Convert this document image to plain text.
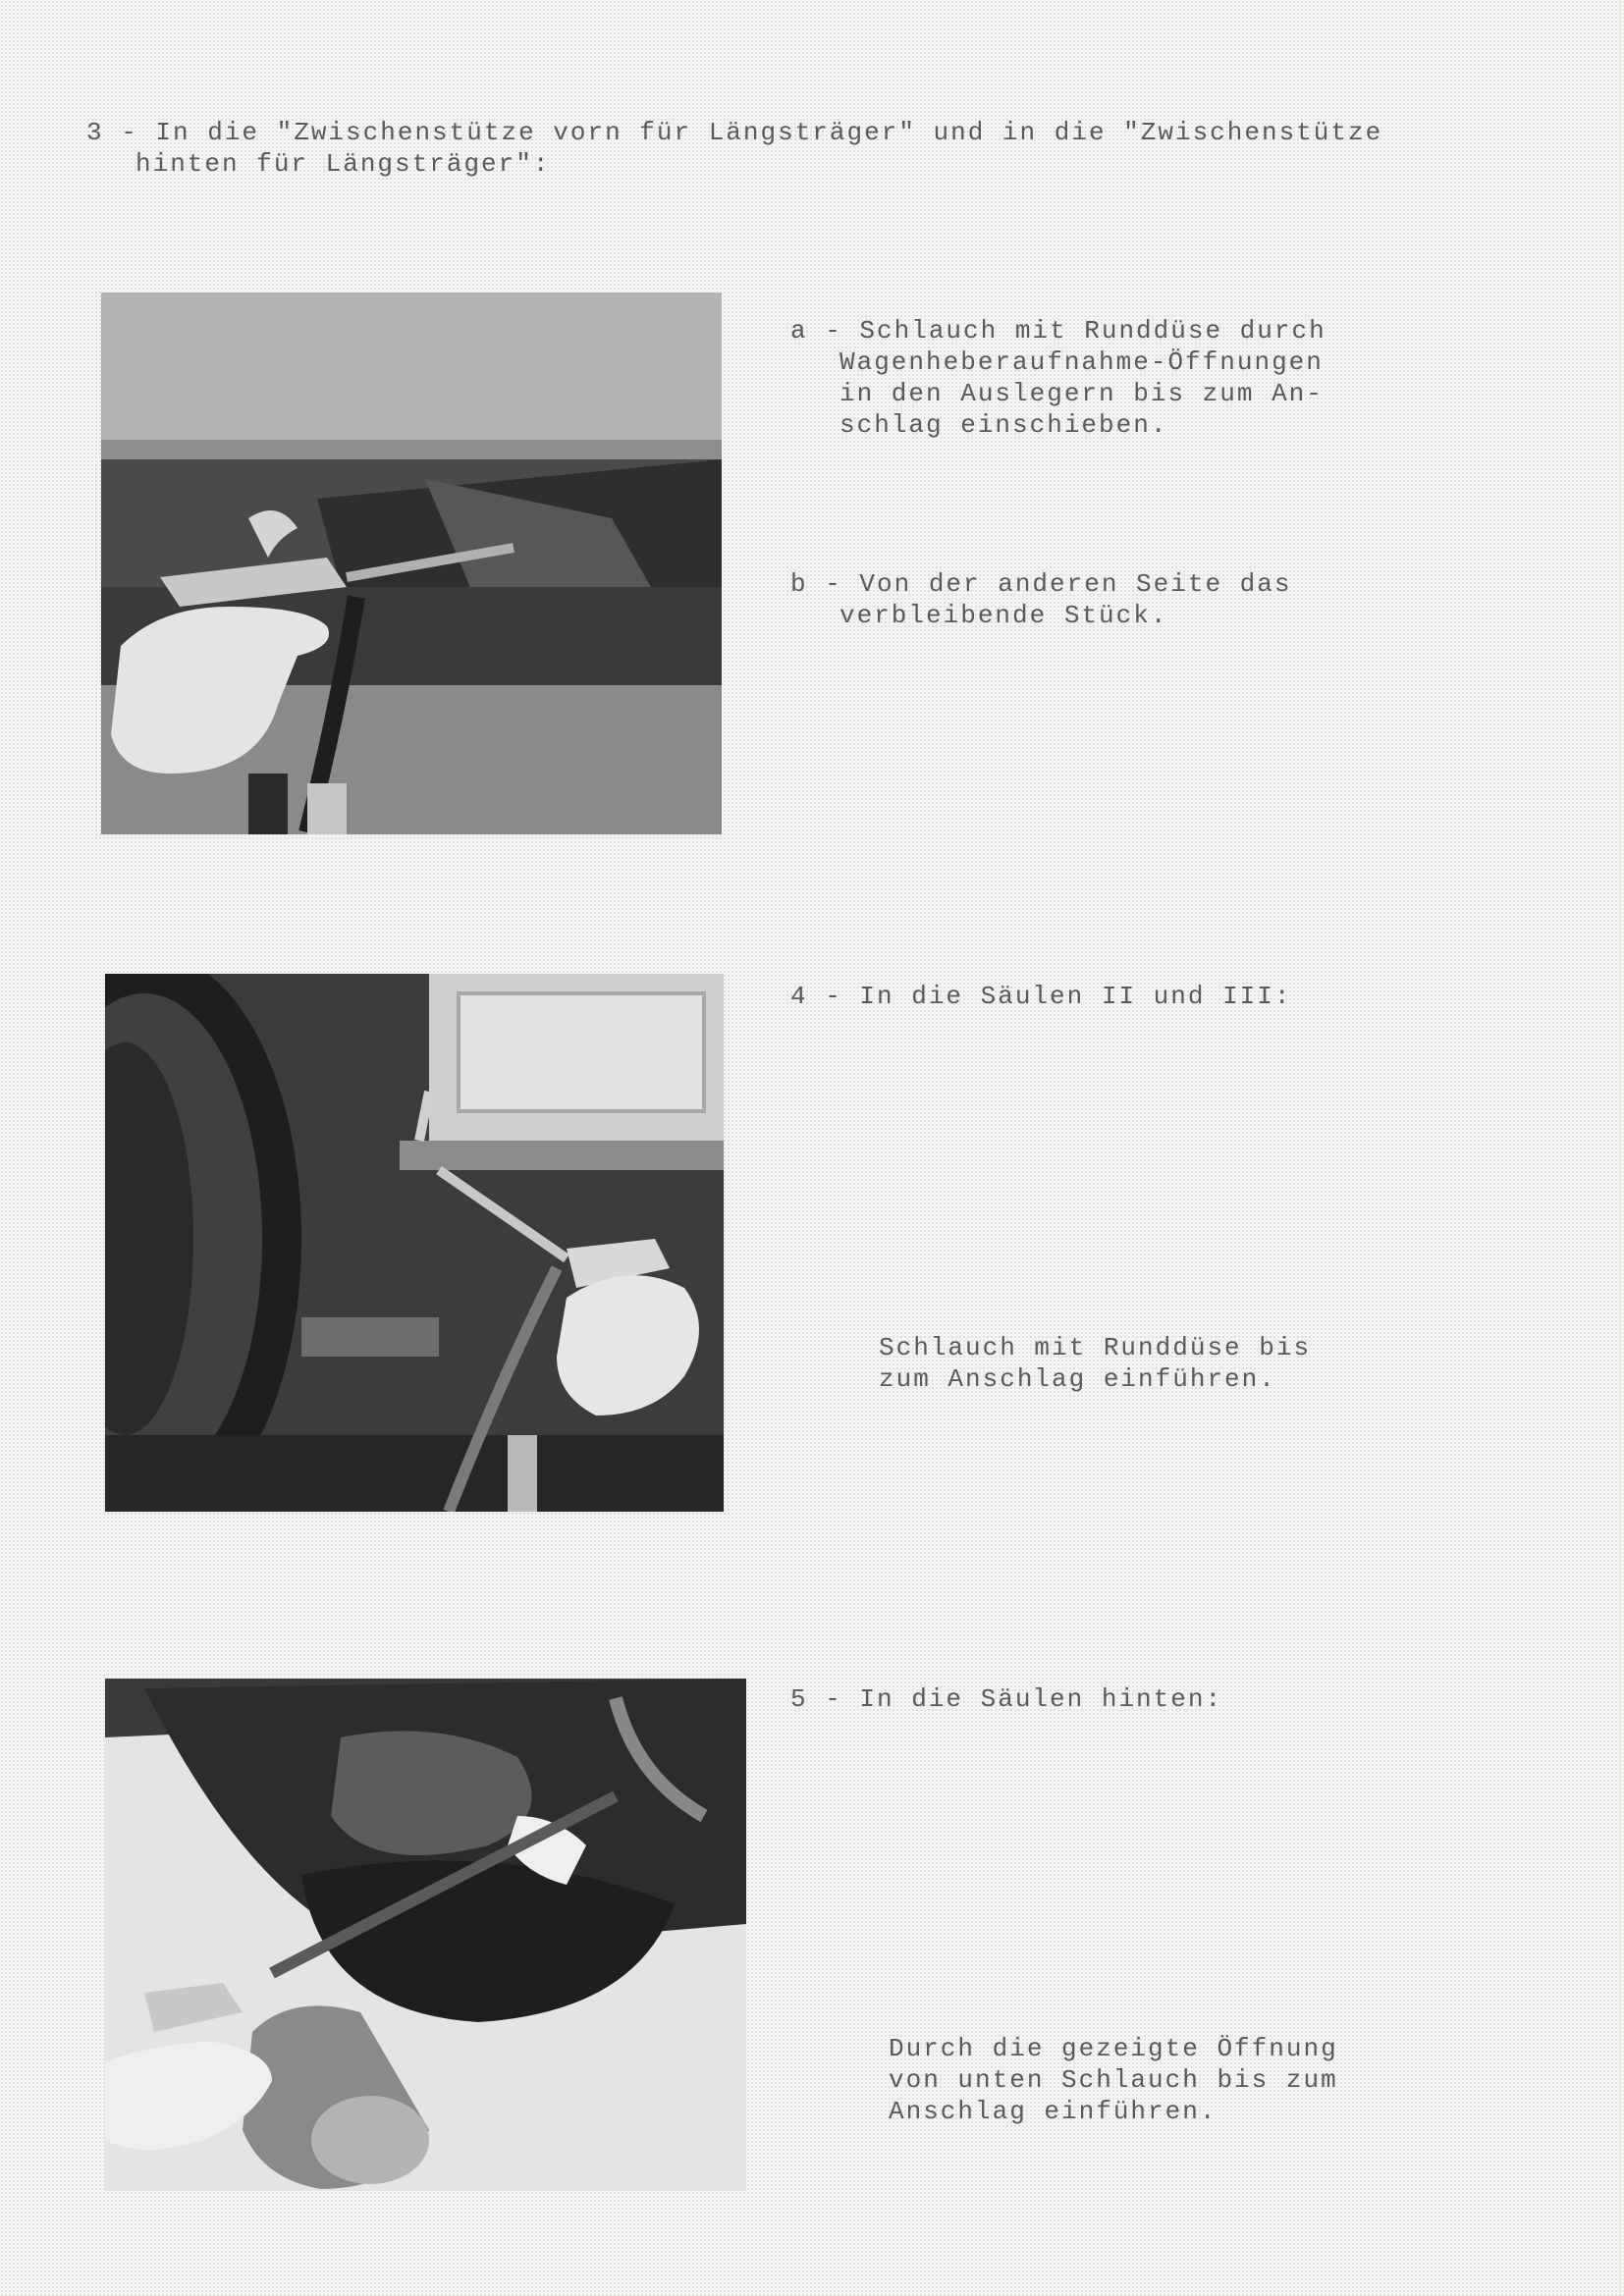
3 - In die "Zwischenstütze vorn für Längsträger" und in die "Zwischenstütze
hinten für Längsträger":
a - Schlauch mit Runddüse durch
Wagenheberaufnahme-Öffnungen
in den Auslegern bis zum An-
schlag einschieben.
b - Von der anderen Seite das
verbleibende Stück.
4 - In die Säulen II und III:
Schlauch mit Runddüse bis
zum Anschlag einführen.
5 - In die Säulen hinten:
Durch die gezeigte Öffnung
von unten Schlauch bis zum
Anschlag einführen.
